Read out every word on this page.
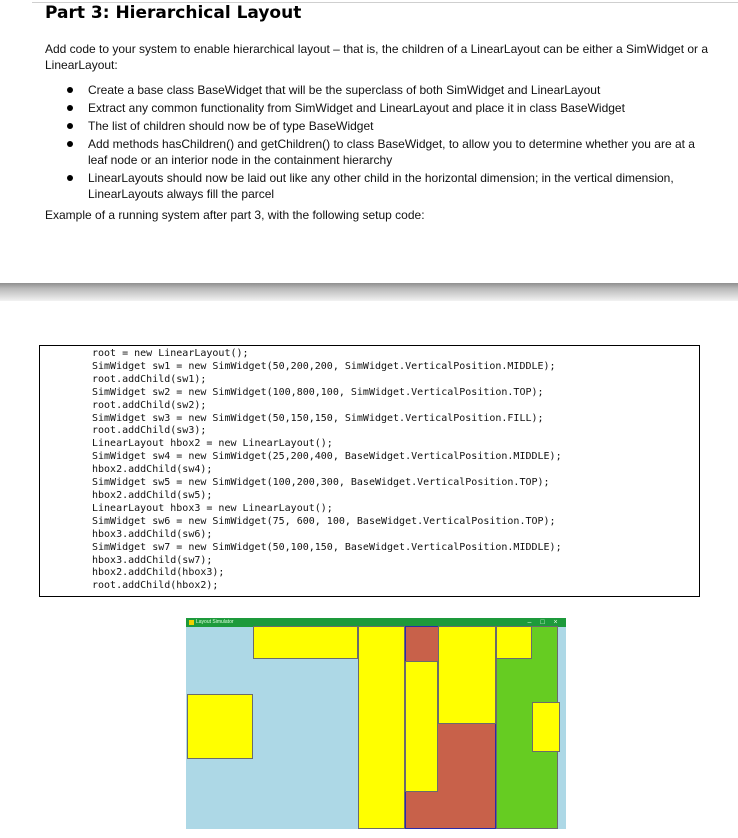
Part 3: Hierarchical Layout

Add code to your system to enable hierarchical layout – that is, the children of a LinearLayout can be either a SimWidget or a LinearLayout:

Create a base class BaseWidget that will be the superclass of both SimWidget and LinearLayout
Extract any common functionality from SimWidget and LinearLayout and place it in class BaseWidget
The list of children should now be of type BaseWidget
Add methods hasChildren() and getChildren() to class BaseWidget, to allow you to determine whether you are at a leaf node or an interior node in the containment hierarchy
LinearLayouts should now be laid out like any other child in the horizontal dimension; in the vertical dimension, LinearLayouts always fill the parcel

Example of a running system after part 3, with the following setup code:

root = new LinearLayout();
SimWidget sw1 = new SimWidget(50,200,200, SimWidget.VerticalPosition.MIDDLE);
root.addChild(sw1);
SimWidget sw2 = new SimWidget(100,800,100, SimWidget.VerticalPosition.TOP);
root.addChild(sw2);
SimWidget sw3 = new SimWidget(50,150,150, SimWidget.VerticalPosition.FILL);
root.addChild(sw3);
LinearLayout hbox2 = new LinearLayout();
SimWidget sw4 = new SimWidget(25,200,400, BaseWidget.VerticalPosition.MIDDLE);
hbox2.addChild(sw4);
SimWidget sw5 = new SimWidget(100,200,300, BaseWidget.VerticalPosition.TOP);
hbox2.addChild(sw5);
LinearLayout hbox3 = new LinearLayout();
SimWidget sw6 = new SimWidget(75, 600, 100, BaseWidget.VerticalPosition.TOP);
hbox3.addChild(sw6);
SimWidget sw7 = new SimWidget(50,100,150, BaseWidget.VerticalPosition.MIDDLE);
hbox3.addChild(sw7);
hbox2.addChild(hbox3);
root.addChild(hbox2);
Layout Simulator	–	□	×
